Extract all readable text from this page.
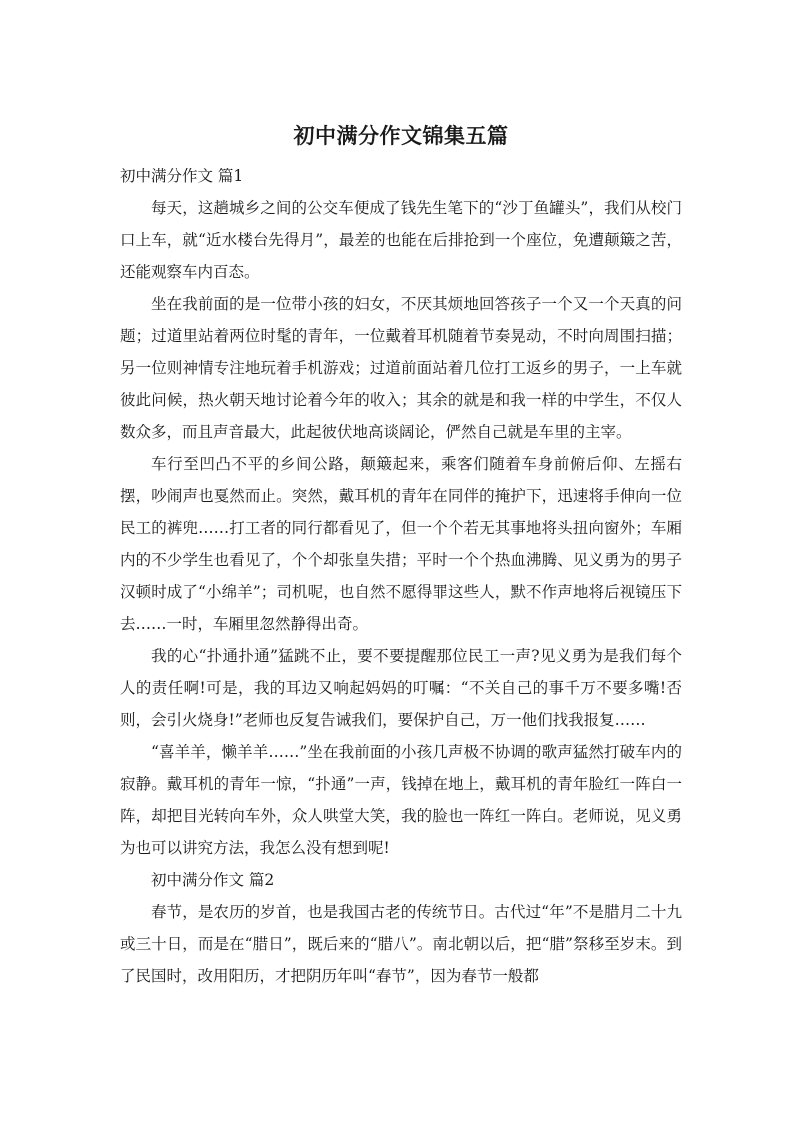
初中满分作文锦集五篇

初中满分作文 篇1

每天，这趟城乡之间的公交车便成了钱先生笔下的“沙丁鱼罐头”，我们从校门口上车，就“近水楼台先得月”，最差的也能在后排抢到一个座位，免遭颠簸之苦，还能观察车内百态。

坐在我前面的是一位带小孩的妇女，不厌其烦地回答孩子一个又一个天真的问题；过道里站着两位时髦的青年，一位戴着耳机随着节奏晃动，不时向周围扫描；另一位则神情专注地玩着手机游戏；过道前面站着几位打工返乡的男子，一上车就彼此问候，热火朝天地讨论着今年的收入；其余的就是和我一样的中学生，不仅人数众多，而且声音最大，此起彼伏地高谈阔论，俨然自己就是车里的主宰。

车行至凹凸不平的乡间公路，颠簸起来，乘客们随着车身前俯后仰、左摇右摆，吵闹声也戛然而止。突然，戴耳机的青年在同伴的掩护下，迅速将手伸向一位民工的裤兜……打工者的同行都看见了，但一个个若无其事地将头扭向窗外；车厢内的不少学生也看见了，个个却张皇失措；平时一个个热血沸腾、见义勇为的男子汉顿时成了“小绵羊”；司机呢，也自然不愿得罪这些人，默不作声地将后视镜压下去……一时，车厢里忽然静得出奇。

我的心“扑通扑通”猛跳不止，要不要提醒那位民工一声?见义勇为是我们每个人的责任啊!可是，我的耳边又响起妈妈的叮嘱：“不关自己的事千万不要多嘴!否则，会引火烧身!”老师也反复告诫我们，要保护自己，万一他们找我报复……

“喜羊羊，懒羊羊……”坐在我前面的小孩几声极不协调的歌声猛然打破车内的寂静。戴耳机的青年一惊，“扑通”一声，钱掉在地上，戴耳机的青年脸红一阵白一阵，却把目光转向车外，众人哄堂大笑，我的脸也一阵红一阵白。老师说，见义勇为也可以讲究方法，我怎么没有想到呢!

初中满分作文 篇2

春节，是农历的岁首，也是我国古老的传统节日。古代过“年”不是腊月二十九或三十日，而是在“腊日”，既后来的“腊八”。南北朝以后，把“腊”祭移至岁末。到了民国时，改用阳历，才把阴历年叫“春节”，因为春节一般都
